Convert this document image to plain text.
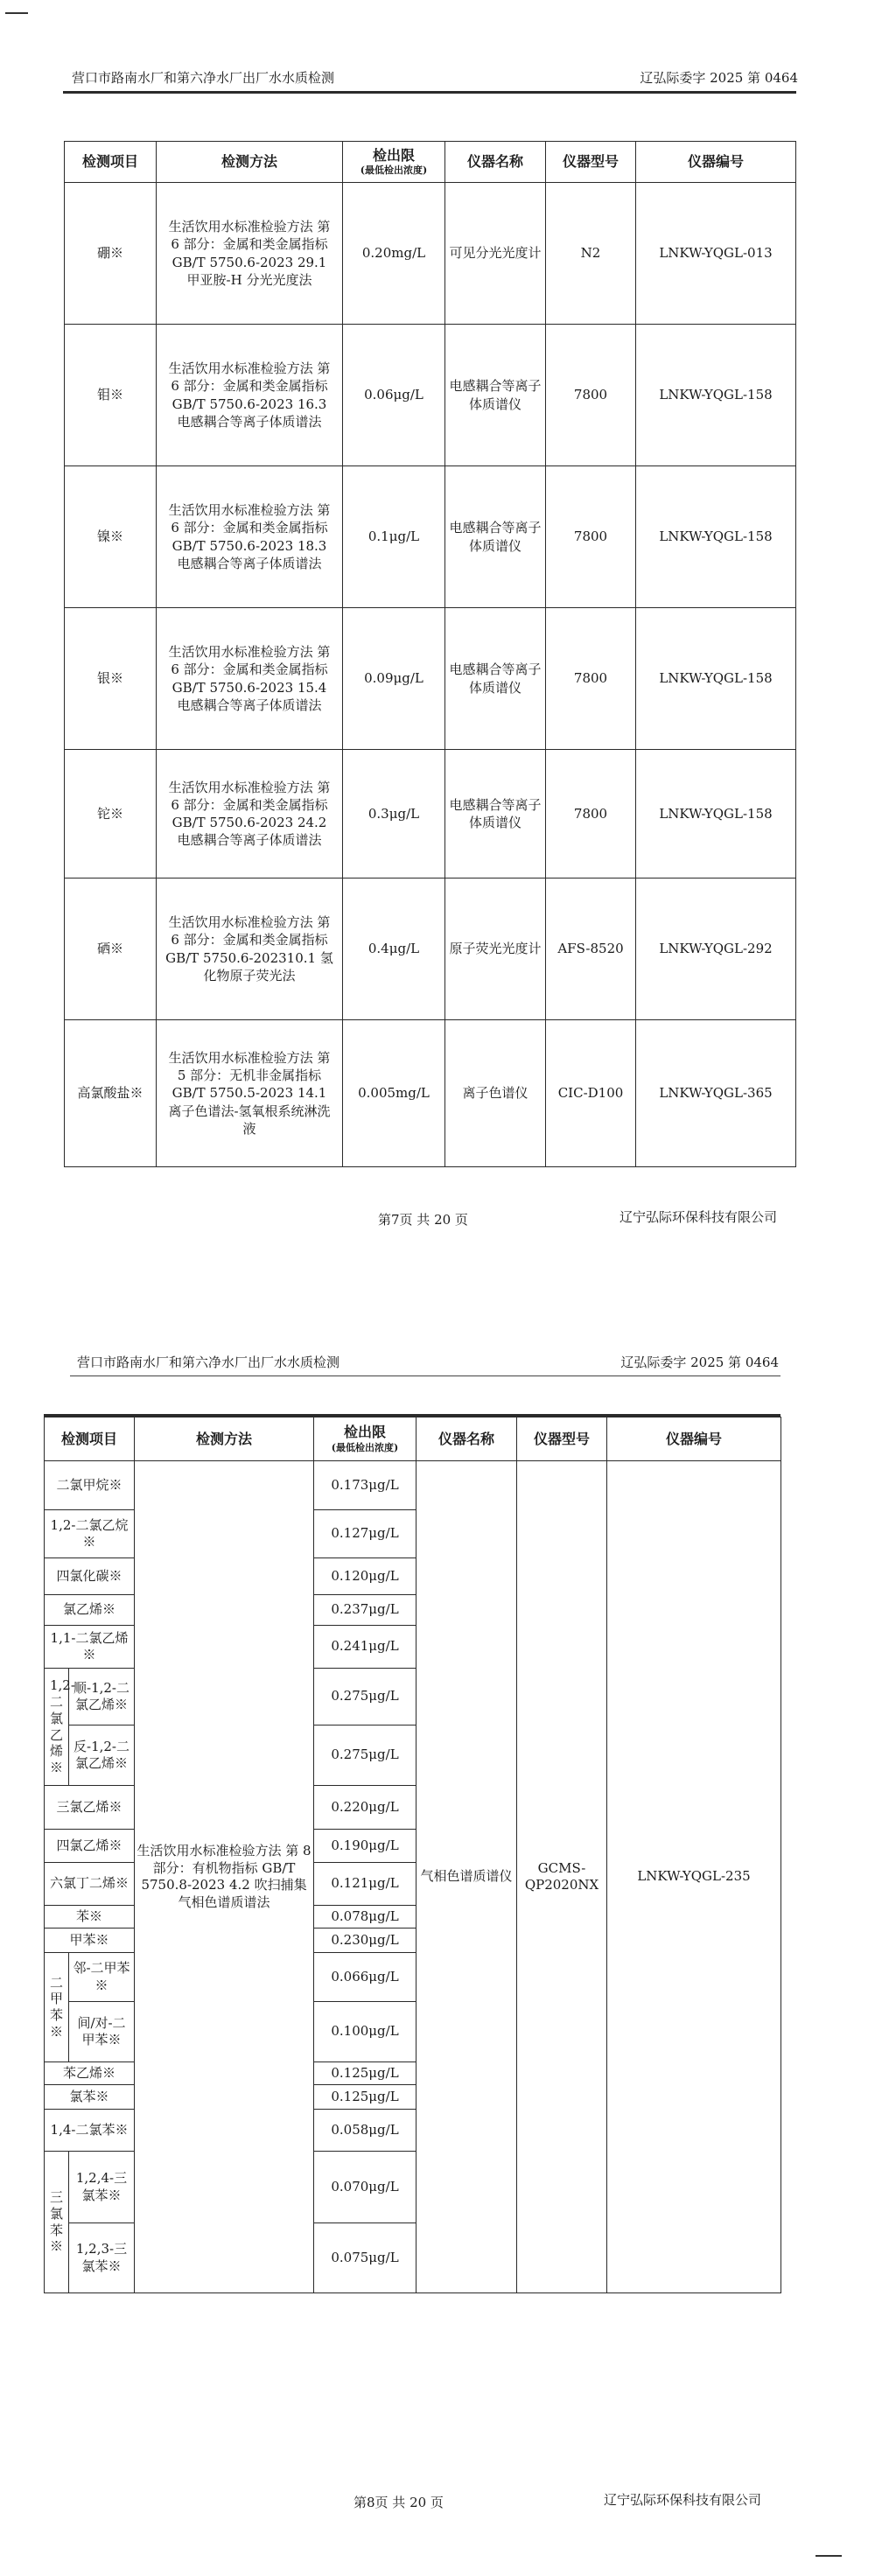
营口市路南水厂和第六净水厂出厂水水质检测	辽弘际委字 2025 第 0464
检测项目	检测方法	检出限
(最低检出浓度)	仪器名称	仪器型号	仪器编号
硼※	生活饮用水标准检验方法 第 6 部分：金属和类金属指标 GB/T 5750.6-2023 29.1 甲亚胺-H 分光光度法	0.20mg/L	可见分光光度计	N2	LNKW-YQGL-013
钼※	生活饮用水标准检验方法 第 6 部分：金属和类金属指标 GB/T 5750.6-2023 16.3 电感耦合等离子体质谱法	0.06μg/L	电感耦合等离子体质谱仪	7800	LNKW-YQGL-158
镍※	生活饮用水标准检验方法 第 6 部分：金属和类金属指标 GB/T 5750.6-2023 18.3 电感耦合等离子体质谱法	0.1μg/L	电感耦合等离子体质谱仪	7800	LNKW-YQGL-158
银※	生活饮用水标准检验方法 第 6 部分：金属和类金属指标 GB/T 5750.6-2023 15.4 电感耦合等离子体质谱法	0.09μg/L	电感耦合等离子体质谱仪	7800	LNKW-YQGL-158
铊※	生活饮用水标准检验方法 第 6 部分：金属和类金属指标 GB/T 5750.6-2023 24.2 电感耦合等离子体质谱法	0.3μg/L	电感耦合等离子体质谱仪	7800	LNKW-YQGL-158
硒※	生活饮用水标准检验方法 第 6 部分：金属和类金属指标 GB/T 5750.6-202310.1 氢化物原子荧光法	0.4μg/L	原子荧光光度计	AFS-8520	LNKW-YQGL-292
高氯酸盐※	生活饮用水标准检验方法 第 5 部分：无机非金属指标 GB/T 5750.5-2023 14.1 离子色谱法-氢氧根系统淋洗液	0.005mg/L	离子色谱仪	CIC-D100	LNKW-YQGL-365
第7页 共 20 页	辽宁弘际环保科技有限公司
营口市路南水厂和第六净水厂出厂水水质检测	辽弘际委字 2025 第 0464
检测项目		检测方法	检出限
(最低检出浓度)	仪器名称	仪器型号	仪器编号
二氯甲烷※		生活饮用水标准检验方法 第 8 部分：有机物指标 GB/T 5750.8-2023 4.2 吹扫捕集气相色谱质谱法	0.173μg/L	气相色谱质谱仪	GCMS-QP2020NX	LNKW-YQGL-235
1,2-二氯乙烷※			0.127μg/L			
四氯化碳※			0.120μg/L			
氯乙烯※			0.237μg/L			
1,1-二氯乙烯※			0.241μg/L			

1,2-二氯乙烯※	顺-1,2-二氯乙烯※		0.275μg/L			
	反-1,2-二氯乙烯※		0.275μg/L			
三氯乙烯※			0.220μg/L			
四氯乙烯※			0.190μg/L			
六氯丁二烯※			0.121μg/L			
苯※			0.078μg/L			
甲苯※			0.230μg/L			

二甲苯※	邻-二甲苯※		0.066μg/L			
	间/对-二甲苯※		0.100μg/L			
苯乙烯※			0.125μg/L			
氯苯※			0.125μg/L			
1,4-二氯苯※			0.058μg/L			

三氯苯※	1,2,4-三氯苯※		0.070μg/L			
	1,2,3-三氯苯※		0.075μg/L			
第8页 共 20 页	辽宁弘际环保科技有限公司
